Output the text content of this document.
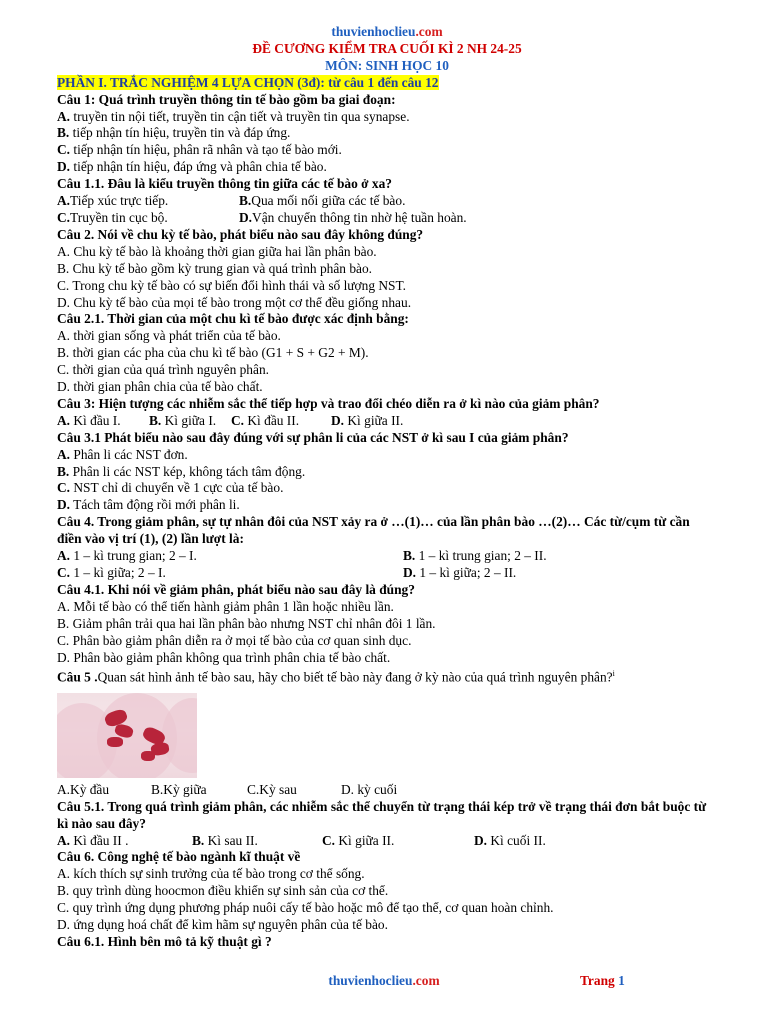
thuvienhoclieu.com
ĐỀ CƯƠNG KIỂM TRA CUỐI KÌ 2 NH 24-25
MÔN: SINH HỌC 10
PHẦN I. TRẮC NGHIỆM 4 LỰA CHỌN (3đ): từ câu 1 đến câu 12
Câu 1: Quá trình truyền thông tin tế bào gồm ba giai đoạn:
A. truyền tin nội tiết, truyền tin cận tiết và truyền tin qua synapse.
B. tiếp nhận tín hiệu, truyền tin và đáp ứng.
C. tiếp nhận tín hiệu, phân rã nhân và tạo tế bào mới.
D. tiếp nhận tín hiệu, đáp ứng và phân chia tế bào.
Câu 1.1. Đâu là kiểu truyền thông tin giữa các tế bào ở xa?
A.Tiếp xúc trực tiếp.	B.Qua mối nối giữa các tế bào.
C.Truyền tin cục bộ.	D.Vận chuyển thông tin nhờ hệ tuần hoàn.
Câu 2. Nói về chu kỳ tế bào, phát biểu nào sau đây không đúng?
A. Chu kỳ tế bào là khoảng thời gian giữa hai lần phân bào.
B. Chu kỳ tế bào gồm kỳ trung gian và quá trình phân bào.
C. Trong chu kỳ tế bào có sự biến đổi hình thái và số lượng NST.
D. Chu kỳ tế bào của mọi tế bào trong một cơ thể đều giống nhau.
Câu 2.1. Thời gian của một chu kì tế bào được xác định bằng:
A. thời gian sống và phát triển của tế bào.
B. thời gian các pha của chu kì tế bào (G1 + S + G2 + M).
C. thời gian của quá trình nguyên phân.
D. thời gian phân chia của tế bào chất.
Câu 3: Hiện tượng các nhiễm sắc thể tiếp hợp và trao đổi chéo diễn ra ở kì nào của giảm phân?
A. Kì đầu I.	B. Kì giữa I.	C. Kì đầu II.	D. Kì giữa II.
Câu 3.1 Phát biểu nào sau đây đúng với sự phân li của các NST ở kì sau I của giảm phân?
A. Phân li các NST đơn.
B. Phân li các NST kép, không tách tâm động.
C. NST chỉ di chuyển về 1 cực của tế bào.
D. Tách tâm động rồi mới phân li.
Câu 4. Trong giảm phân, sự tự nhân đôi của NST xảy ra ở …(1)… của lần phân bào …(2)… Các từ/cụm từ cần điền vào vị trí (1), (2) lần lượt là:
A. 1 – kì trung gian; 2 – I.	B. 1 – kì trung gian; 2 – II.
C. 1 – kì giữa; 2 – I.	D. 1 – kì giữa; 2 – II.
Câu 4.1. Khi nói về giảm phân, phát biểu nào sau đây là đúng?
A. Mỗi tế bào có thể tiến hành giảm phân 1 lần hoặc nhiều lần.
B. Giảm phân trải qua hai lần phân bào nhưng NST chỉ nhân đôi 1 lần.
C. Phân bào giảm phân diễn ra ở mọi tế bào của cơ quan sinh dục.
D. Phân bào giảm phân không qua trình phân chia tế bào chất.
Câu 5 .Quan sát hình ảnh tế bào sau, hãy cho biết tế bào này đang ở kỳ nào của quá trình nguyên phân?$^i$
A.Kỳ đầu	B.Kỳ giữa	C.Kỳ sau	D. kỳ cuối
Câu 5.1. Trong quá trình giảm phân, các nhiễm sắc thể chuyển từ trạng thái kép trở về trạng thái đơn bắt buộc từ kì nào sau đây?
A. Kì đầu II .	B. Kì sau II.	C. Kì giữa II.	D. Kì cuối II.
Câu 6. Công nghệ tế bào ngành kĩ thuật về
A. kích thích sự sinh trưởng của tế bào trong cơ thể sống.
B. quy trình dùng hoocmon điều khiển sự sinh sản của cơ thể.
C. quy trình ứng dụng phương pháp nuôi cấy tế bào hoặc mô để tạo thể, cơ quan hoàn chỉnh.
D. ứng dụng hoá chất để kìm hãm sự nguyên phân của tế bào.
Câu 6.1. Hình bên mô tả kỹ thuật gì ?
thuvienhoclieu.com	Trang 1
